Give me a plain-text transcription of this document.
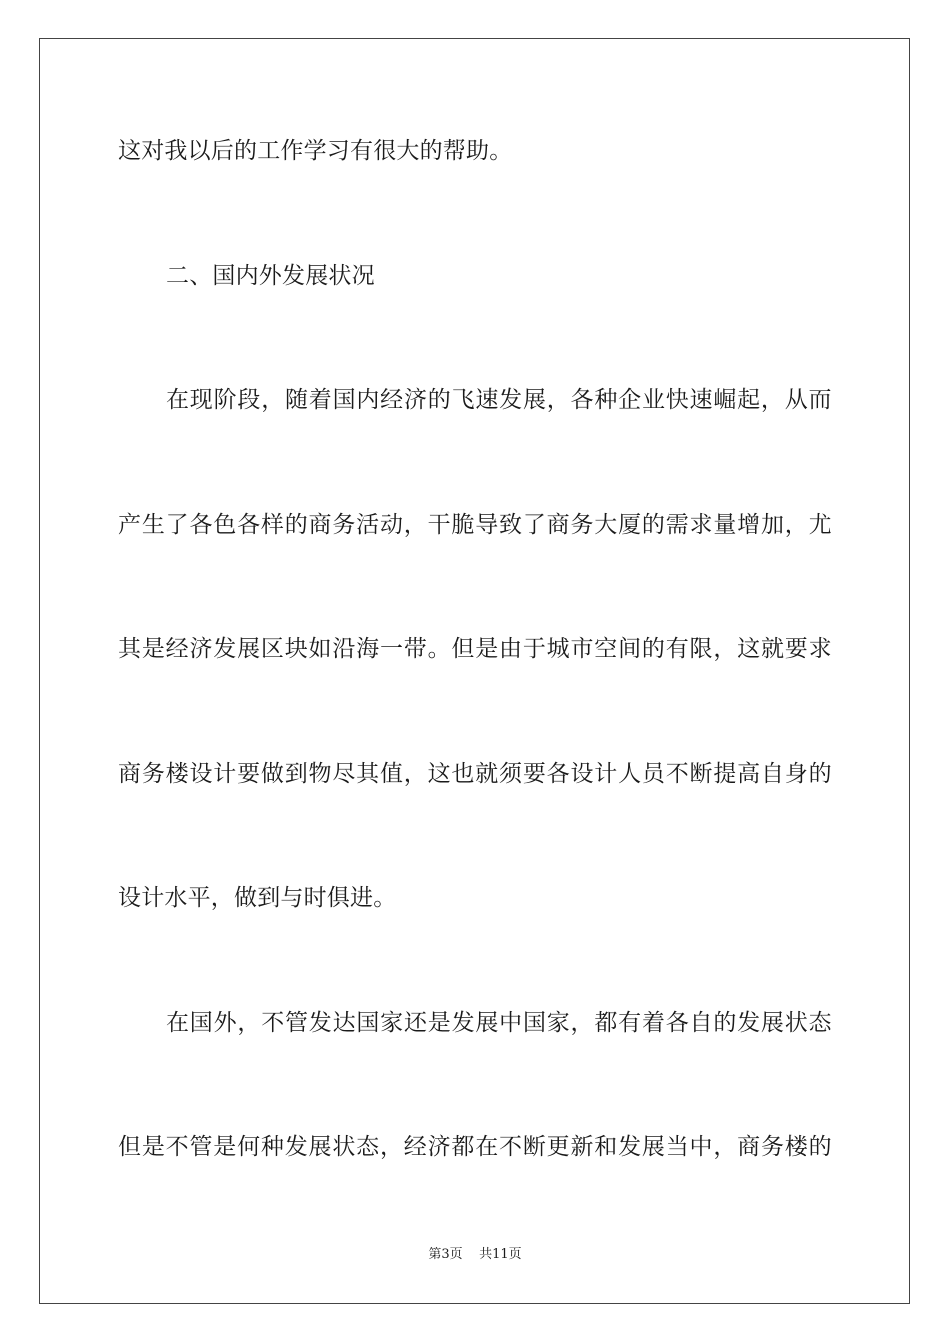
这对我以后的工作学习有很大的帮助。
二、国内外发展状况
在 现 阶 段 ， 随 着 国 内 经 济 的 飞 速 发 展 ， 各 种 企 业 快 速 崛 起 ， 从 而
产 生 了 各 色 各 样 的 商 务 活 动 ， 干 脆 导 致 了 商 务 大 厦 的 需 求 量 增 加 ， 尤
其 是 经 济 发 展 区 块 如 沿 海 一 带 。 但 是 由 于 城 市 空 间 的 有 限 ， 这 就 要 求
商 务 楼 设 计 要 做 到 物 尽 其 值 ， 这 也 就 须 要 各 设 计 人 员 不 断 提 高 自 身 的
设计水平，做到与时俱进。
在 国 外 ， 不 管 发 达 国 家 还 是 发 展 中 国 家 ， 都 有 着 各 自 的 发 展 状 态
但 是 不 管 是 何 种 发 展 状 态 ， 经 济 都 在 不 断 更 新 和 发 展 当 中 ， 商 务 楼 的
第3页 共11页
